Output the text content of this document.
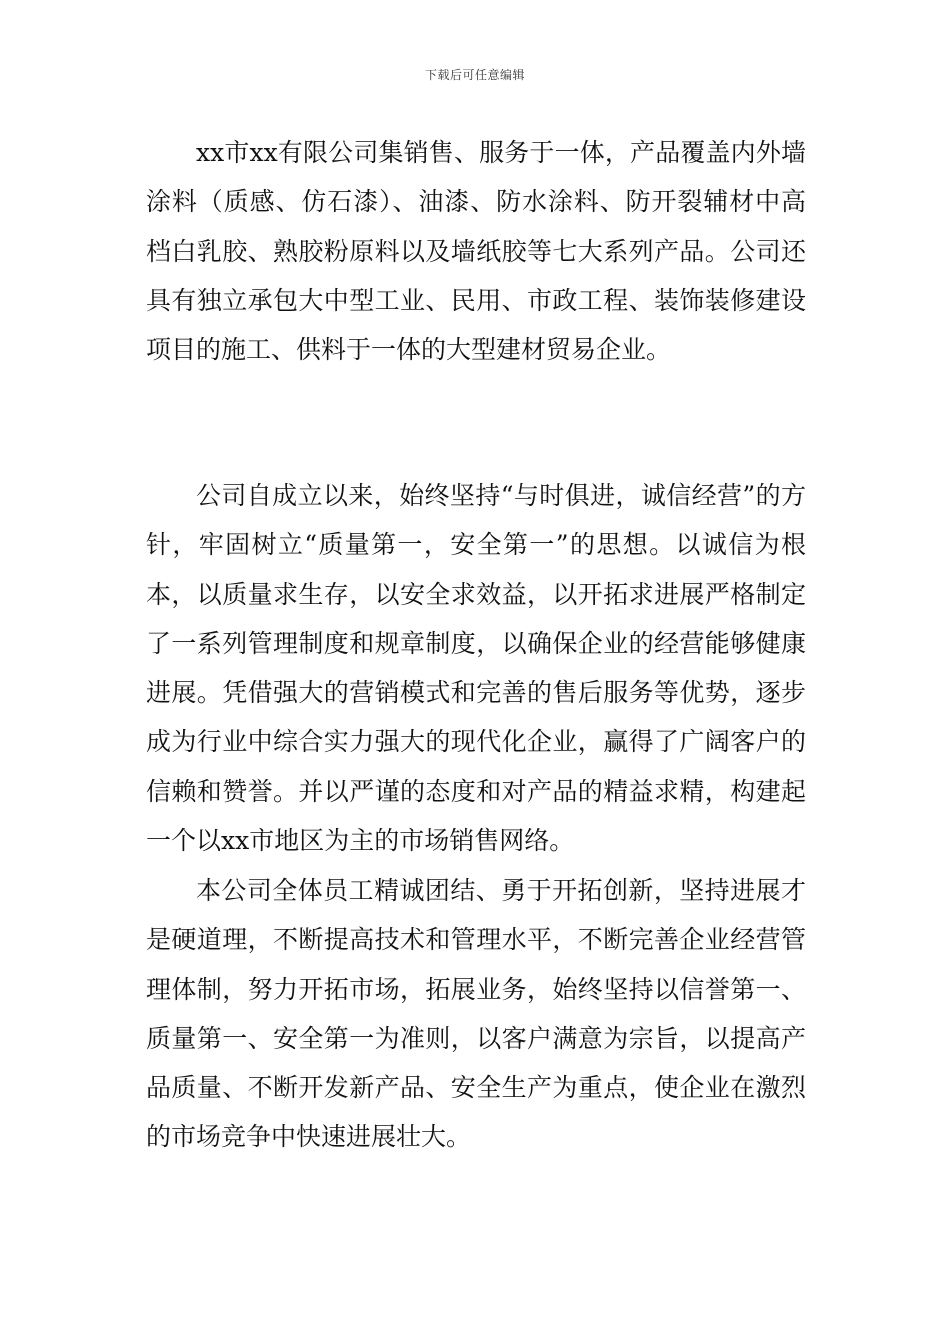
下载后可任意编辑

xx市xx有限公司集销售、服务于一体，产品覆盖内外墙涂料（质感、仿石漆）、油漆、防水涂料、防开裂辅材中高档白乳胶、熟胶粉原料以及墙纸胶等七大系列产品。公司还具有独立承包大中型工业、民用、市政工程、装饰装修建设项目的施工、供料于一体的大型建材贸易企业。

公司自成立以来，始终坚持“与时俱进，诚信经营”的方针，牢固树立“质量第一，安全第一”的思想。以诚信为根本，以质量求生存，以安全求效益，以开拓求进展严格制定了一系列管理制度和规章制度，以确保企业的经营能够健康进展。凭借强大的营销模式和完善的售后服务等优势，逐步成为行业中综合实力强大的现代化企业，赢得了广阔客户的信赖和赞誉。并以严谨的态度和对产品的精益求精，构建起一个以xx市地区为主的市场销售网络。

本公司全体员工精诚团结、勇于开拓创新，坚持进展才是硬道理，不断提高技术和管理水平，不断完善企业经营管理体制，努力开拓市场，拓展业务，始终坚持以信誉第一、质量第一、安全第一为准则，以客户满意为宗旨，以提高产品质量、不断开发新产品、安全生产为重点，使企业在激烈的市场竞争中快速进展壮大。
